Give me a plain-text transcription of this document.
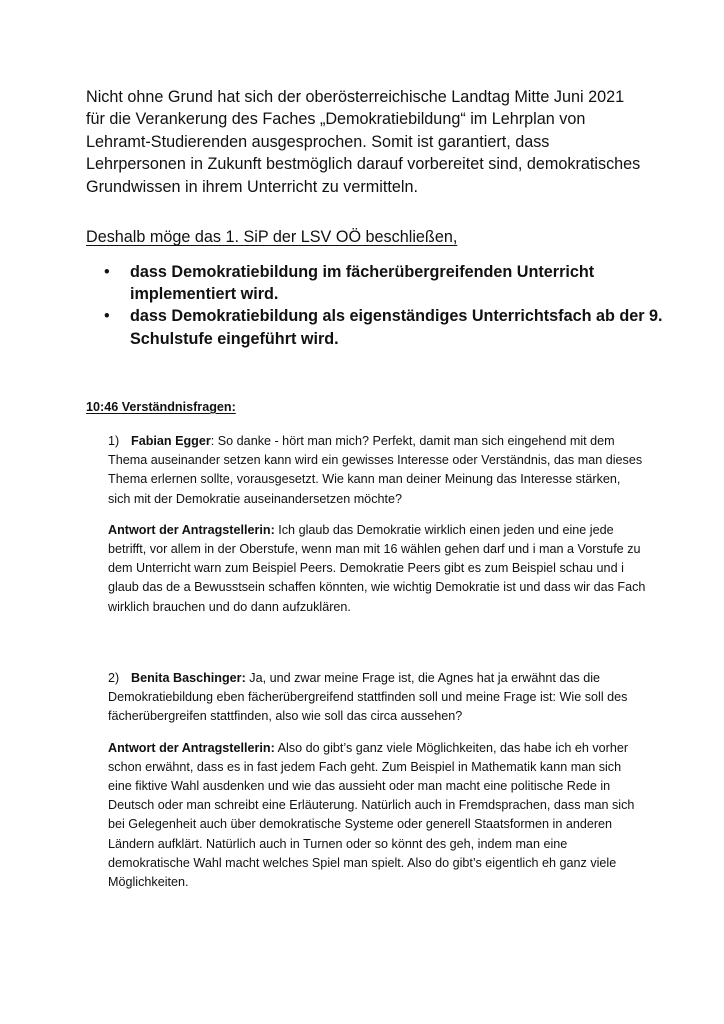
Nicht ohne Grund hat sich der oberösterreichische Landtag Mitte Juni 2021 für die Verankerung des Faches „Demokratiebildung“ im Lehrplan von Lehramt-Studierenden ausgesprochen. Somit ist garantiert, dass Lehrpersonen in Zukunft bestmöglich darauf vorbereitet sind, demokratisches Grundwissen in ihrem Unterricht zu vermitteln.

Deshalb möge das 1. SiP der LSV OÖ beschließen,

• dass Demokratiebildung im fächerübergreifenden Unterricht implementiert wird.
• dass Demokratiebildung als eigenständiges Unterrichtsfach ab der 9. Schulstufe eingeführt wird.

10:46 Verständnisfragen:

1) Fabian Egger: So danke - hört man mich? Perfekt, damit man sich eingehend mit dem Thema auseinander setzen kann wird ein gewisses Interesse oder Verständnis, das man dieses Thema erlernen sollte, vorausgesetzt. Wie kann man deiner Meinung das Interesse stärken, sich mit der Demokratie auseinandersetzen möchte?

Antwort der Antragstellerin: Ich glaub das Demokratie wirklich einen jeden und eine jede betrifft, vor allem in der Oberstufe, wenn man mit 16 wählen gehen darf und i man a Vorstufe zu dem Unterricht warn zum Beispiel Peers. Demokratie Peers gibt es zum Beispiel schau und i glaub das de a Bewusstsein schaffen könnten, wie wichtig Demokratie ist und dass wir das Fach wirklich brauchen und do dann aufzuklären.

2) Benita Baschinger: Ja, und zwar meine Frage ist, die Agnes hat ja erwähnt das die Demokratiebildung eben fächerübergreifend stattfinden soll und meine Frage ist: Wie soll des fächerübergreifen stattfinden, also wie soll das circa aussehen?

Antwort der Antragstellerin: Also do gibt’s ganz viele Möglichkeiten, das habe ich eh vorher schon erwähnt, dass es in fast jedem Fach geht. Zum Beispiel in Mathematik kann man sich eine fiktive Wahl ausdenken und wie das aussieht oder man macht eine politische Rede in Deutsch oder man schreibt eine Erläuterung. Natürlich auch in Fremdsprachen, dass man sich bei Gelegenheit auch über demokratische Systeme oder generell Staatsformen in anderen Ländern aufklärt. Natürlich auch in Turnen oder so könnt des geh, indem man eine demokratische Wahl macht welches Spiel man spielt. Also do gibt’s eigentlich eh ganz viele Möglichkeiten.
